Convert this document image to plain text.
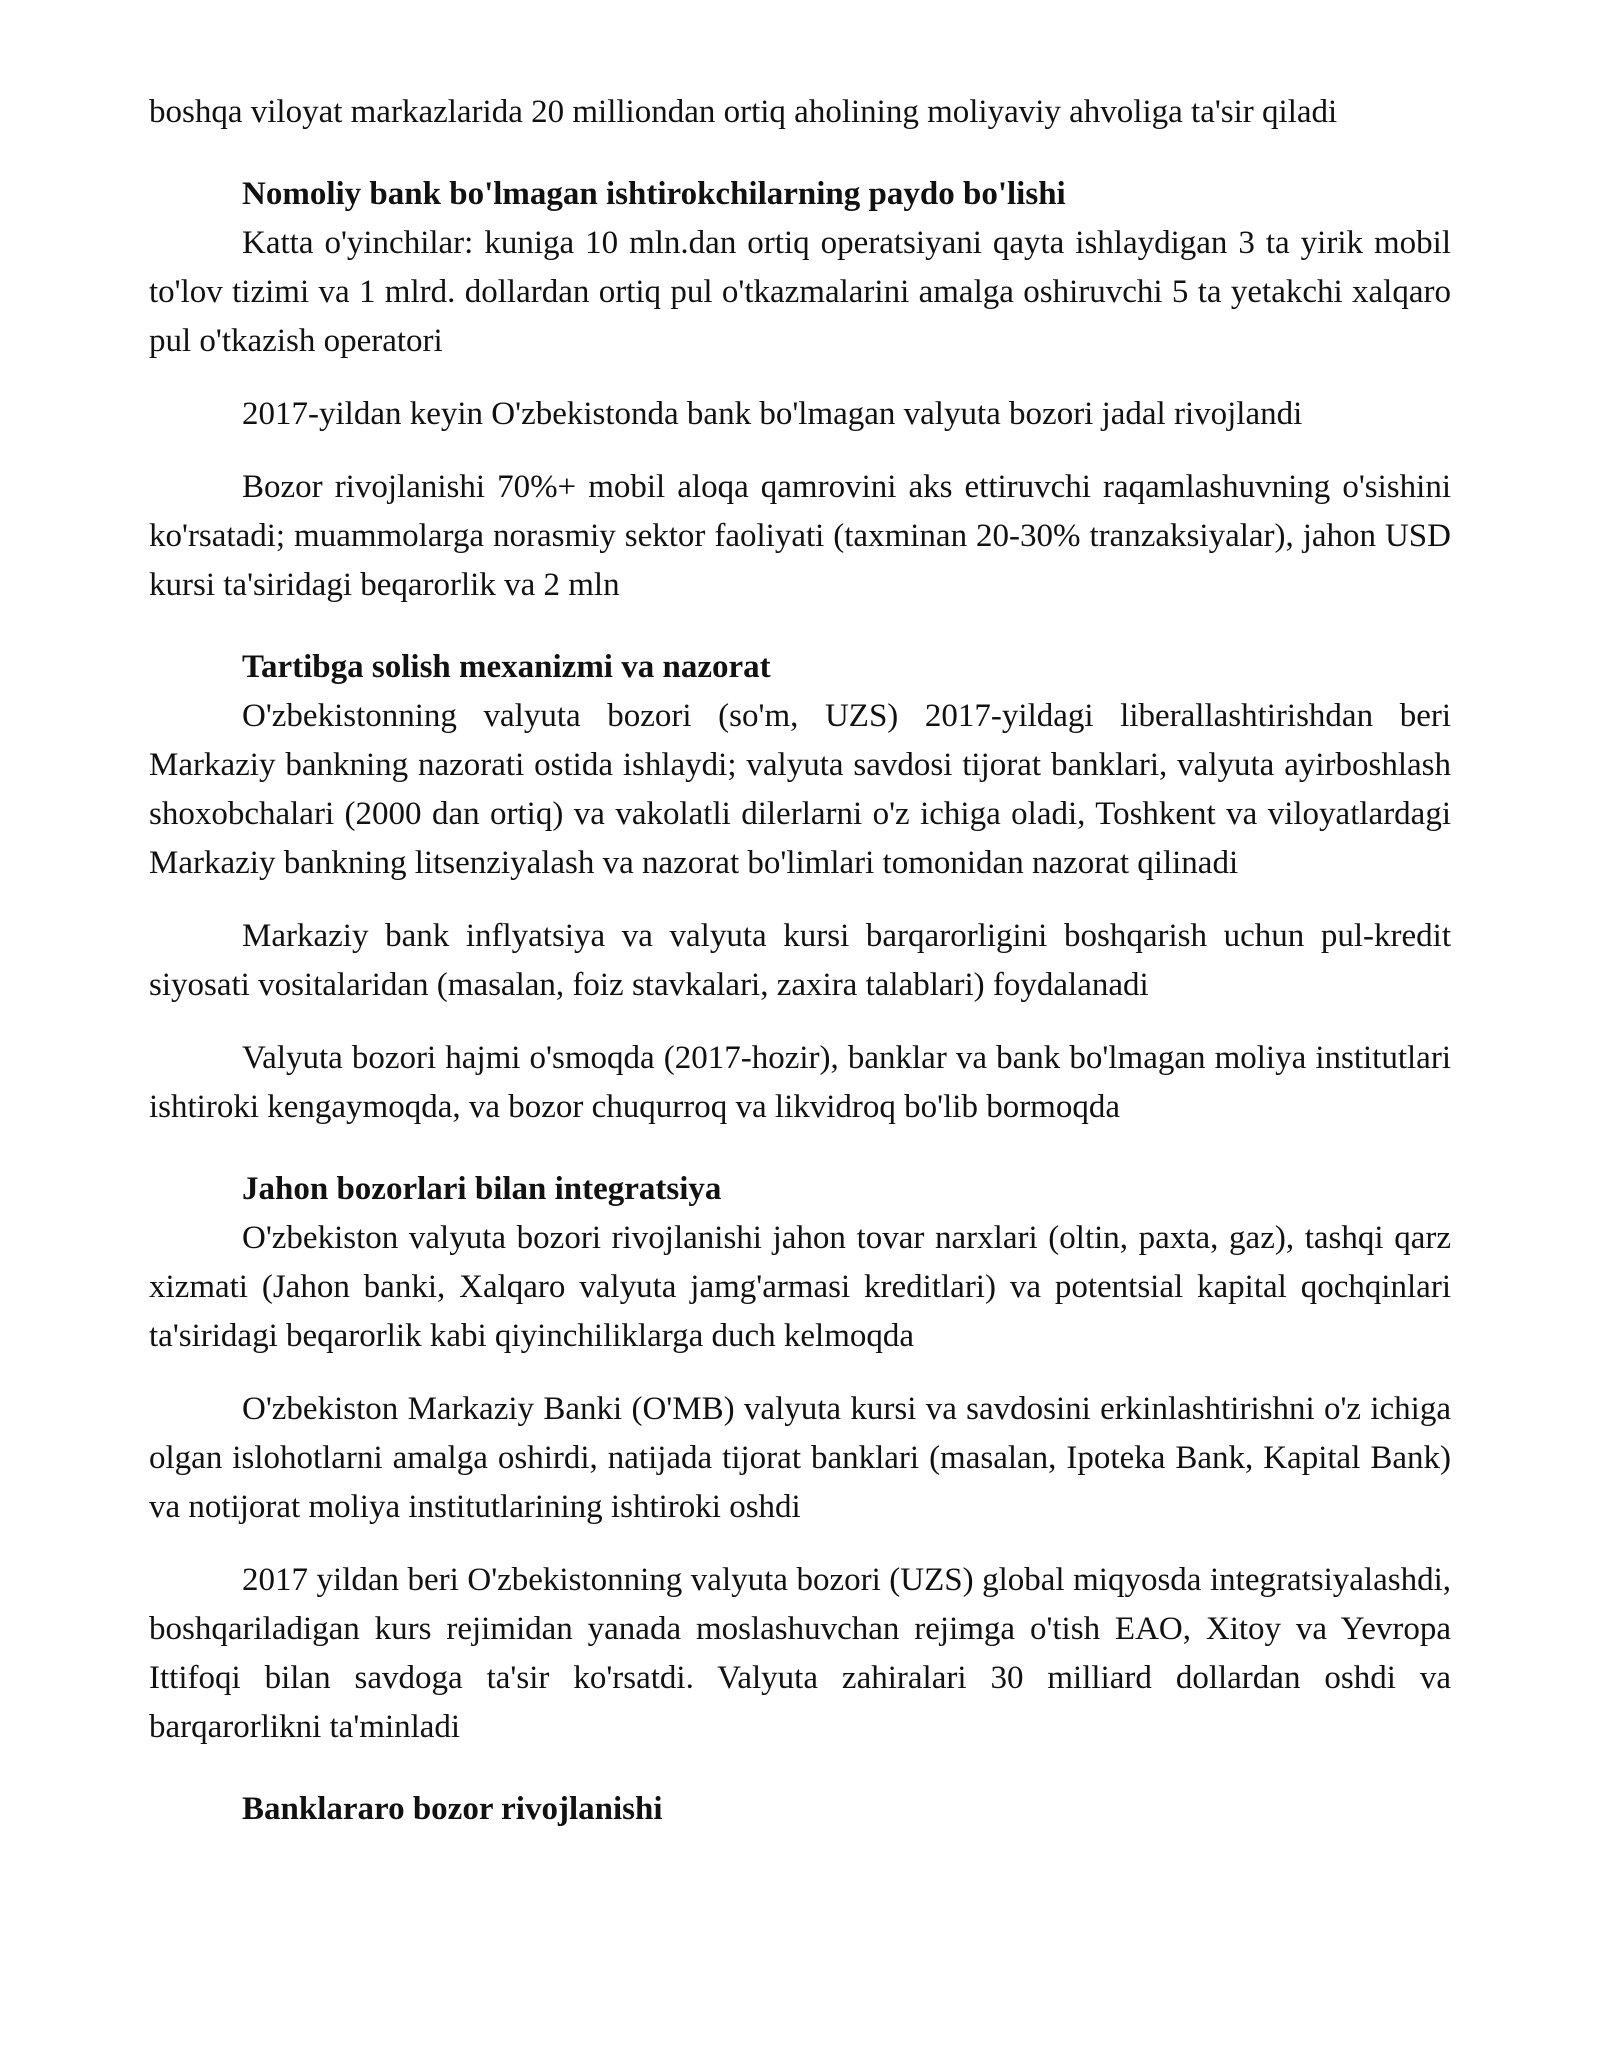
boshqa viloyat markazlarida 20 milliondan ortiq aholining moliyaviy ahvoliga ta'sir qiladi

Nomoliy bank bo'lmagan ishtirokchilarning paydo bo'lishi

Katta o'yinchilar: kuniga 10 mln.dan ortiq operatsiyani qayta ishlaydigan 3 ta yirik mobil to'lov tizimi va 1 mlrd. dollardan ortiq pul o'tkazmalarini amalga oshiruvchi 5 ta yetakchi xalqaro pul o'tkazish operatori

2017-yildan keyin O'zbekistonda bank bo'lmagan valyuta bozori jadal rivojlandi

Bozor rivojlanishi 70%+ mobil aloqa qamrovini aks ettiruvchi raqamlashuvning o'sishini ko'rsatadi; muammolarga norasmiy sektor faoliyati (taxminan 20-30% tranzaksiyalar), jahon USD kursi ta'siridagi beqarorlik va 2 mln

Tartibga solish mexanizmi va nazorat

O'zbekistonning valyuta bozori (so'm, UZS) 2017-yildagi liberallashtirishdan beri Markaziy bankning nazorati ostida ishlaydi; valyuta savdosi tijorat banklari, valyuta ayirboshlash shoxobchalari (2000 dan ortiq) va vakolatli dilerlarni o'z ichiga oladi, Toshkent va viloyatlardagi Markaziy bankning litsenziyalash va nazorat bo'limlari tomonidan nazorat qilinadi

Markaziy bank inflyatsiya va valyuta kursi barqarorligini boshqarish uchun pul-kredit siyosati vositalaridan (masalan, foiz stavkalari, zaxira talablari) foydalanadi

Valyuta bozori hajmi o'smoqda (2017-hozir), banklar va bank bo'lmagan moliya institutlari ishtiroki kengaymoqda, va bozor chuqurroq va likvidroq bo'lib bormoqda

Jahon bozorlari bilan integratsiya

O'zbekiston valyuta bozori rivojlanishi jahon tovar narxlari (oltin, paxta, gaz), tashqi qarz xizmati (Jahon banki, Xalqaro valyuta jamg'armasi kreditlari) va potentsial kapital qochqinlari ta'siridagi beqarorlik kabi qiyinchiliklarga duch kelmoqda

O'zbekiston Markaziy Banki (O'MB) valyuta kursi va savdosini erkinlashtirishni o'z ichiga olgan islohotlarni amalga oshirdi, natijada tijorat banklari (masalan, Ipoteka Bank, Kapital Bank) va notijorat moliya institutlarining ishtiroki oshdi

2017 yildan beri O'zbekistonning valyuta bozori (UZS) global miqyosda integratsiyalashdi, boshqariladigan kurs rejimidan yanada moslashuvchan rejimga o'tish EAO, Xitoy va Yevropa Ittifoqi bilan savdoga ta'sir ko'rsatdi. Valyuta zahiralari 30 milliard dollardan oshdi va barqarorlikni ta'minladi

Banklararo bozor rivojlanishi
